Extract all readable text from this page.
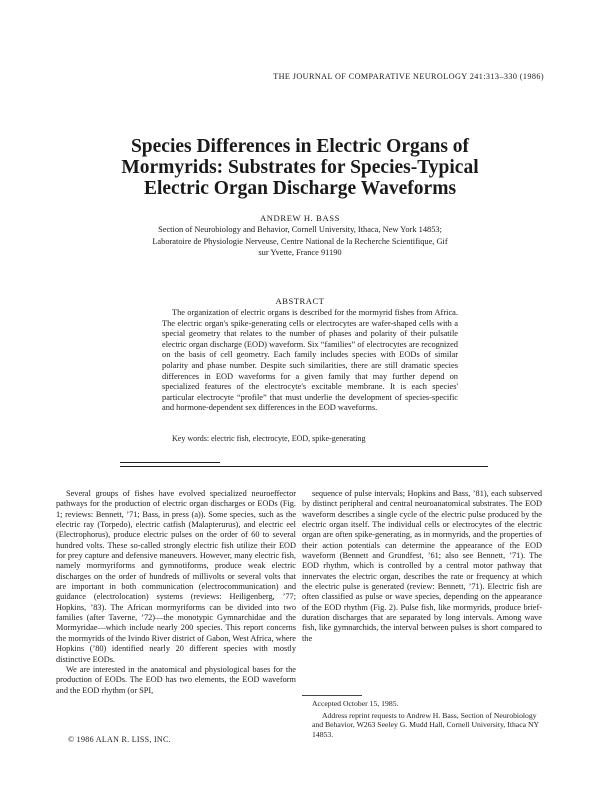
THE JOURNAL OF COMPARATIVE NEUROLOGY 241:313–330 (1986)
Species Differences in Electric Organs of
Mormyrids: Substrates for Species-Typical
Electric Organ Discharge Waveforms
ANDREW H. BASS
Section of Neurobiology and Behavior, Cornell University, Ithaca, New York 14853;
Laboratoire de Physiologie Nerveuse, Centre National de la Recherche Scientifique, Gif
sur Yvette, France 91190
ABSTRACT

The organization of electric organs is described for the mormyrid fishes from Africa. The electric organ's spike-generating cells or electrocytes are wafer-shaped cells with a special geometry that relates to the number of phases and polarity of their pulsatile electric organ discharge (EOD) waveform. Six “families” of electrocytes are recognized on the basis of cell geometry. Each family includes species with EODs of similar polarity and phase number. Despite such similarities, there are still dramatic species differences in EOD waveforms for a given family that may further depend on specialized features of the electrocyte's excitable membrane. It is each species' particular electrocyte “profile” that must underlie the development of species-specific and hormone-dependent sex differences in the EOD waveforms.

Key words: electric fish, electrocyte, EOD, spike-generating

Several groups of fishes have evolved specialized neuroeffector pathways for the production of electric organ discharges or EODs (Fig. 1; reviews: Bennett, ’71; Bass, in press (a)). Some species, such as the electric ray (Torpedo), electric catfish (Malapterurus), and electric eel (Electrophorus), produce electric pulses on the order of 60 to several hundred volts. These so-called strongly electric fish utilize their EOD for prey capture and defensive maneuvers. However, many electric fish, namely mormyriforms and gymnotiforms, produce weak electric discharges on the order of hundreds of millivolts or several volts that are important in both communication (electrocommunication) and guidance (electrolocation) systems (reviews: Heiligenberg, ’77; Hopkins, ’83). The African mormyriforms can be divided into two families (after Taverne, ’72)—the monotypic Gymnarchidae and the Mormyridae—which include nearly 200 species. This report concerns the mormyrids of the Ivindo River district of Gabon, West Africa, where Hopkins (’80) identified nearly 20 different species with mostly distinctive EODs.

We are interested in the anatomical and physiological bases for the production of EODs. The EOD has two elements, the EOD waveform and the EOD rhythm (or SPI,

sequence of pulse intervals; Hopkins and Bass, ’81), each subserved by distinct peripheral and central neuroanatomical substrates. The EOD waveform describes a single cycle of the electric pulse produced by the electric organ itself. The individual cells or electrocytes of the electric organ are often spike-generating, as in mormyrids, and the properties of their action potentials can determine the appearance of the EOD waveform (Bennett and Grundfest, ’61; also see Bennett, ’71). The EOD rhythm, which is controlled by a central motor pathway that innervates the electric organ, describes the rate or frequency at which the electric pulse is generated (review: Bennett, ’71). Electric fish are often classified as pulse or wave species, depending on the appearance of the EOD rhythm (Fig. 2). Pulse fish, like mormyrids, produce brief-duration discharges that are separated by long intervals. Among wave fish, like gymnarchids, the interval between pulses is short compared to the

Accepted October 15, 1985.

Address reprint requests to Andrew H. Bass, Section of Neurobiology and Behavior, W263 Seeley G. Mudd Hall, Cornell University, Ithaca NY 14853.

© 1986 ALAN R. LISS, INC.
